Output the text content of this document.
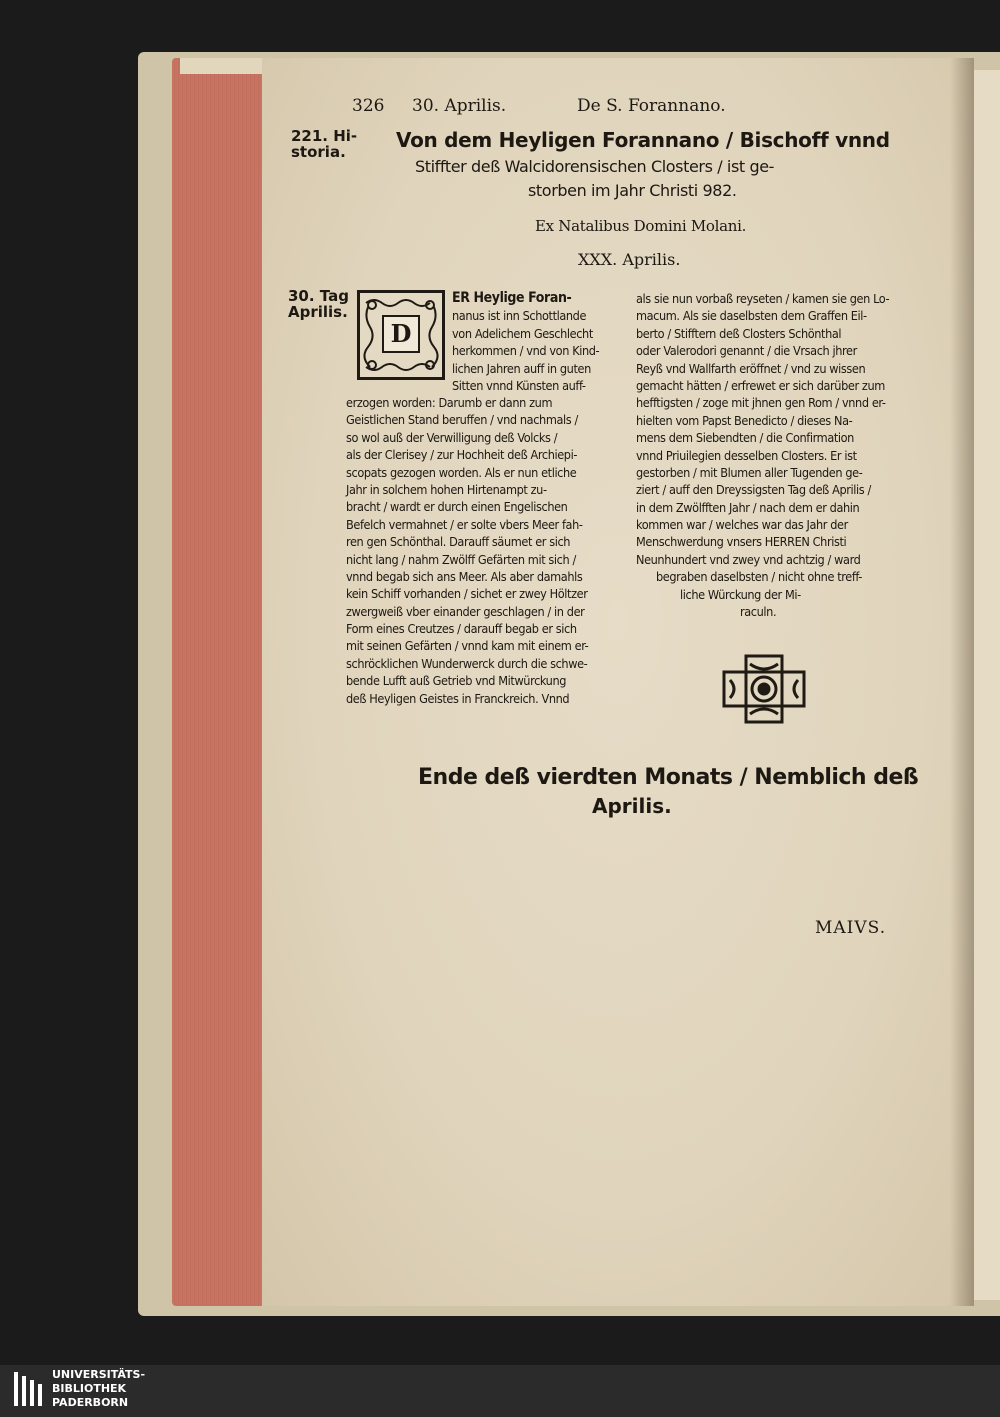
326 30. Aprilis.	De S. Forannano.
221. Hi-
storia.
30. Tag
Aprilis.
Von dem Heyligen Forannano / Bischoff vnnd
Stiffter deß Walcidorensischen Closters / ist ge-
storben im Jahr Christi 982.
Ex Natalibus Domini Molani.
XXX. Aprilis.
D
ER Heylige Foran-
nanus ist inn Schottlande
von Adelichem Geschlecht
herkommen / vnd von Kind-
lichen Jahren auff in guten
Sitten vnnd Künsten auff-
erzogen worden: Darumb er dann zum
Geistlichen Stand beruffen / vnd nachmals /
so wol auß der Verwilligung deß Volcks /
als der Clerisey / zur Hochheit deß Archiepi-
scopats gezogen worden. Als er nun etliche
Jahr in solchem hohen Hirtenampt zu-
bracht / wardt er durch einen Engelischen
Befelch vermahnet / er solte vbers Meer fah-
ren gen Schönthal. Darauff säumet er sich
nicht lang / nahm Zwölff Gefärten mit sich /
vnnd begab sich ans Meer. Als aber damahls
kein Schiff vorhanden / sichet er zwey Höltzer
zwergweiß vber einander geschlagen / in der
Form eines Creutzes / darauff begab er sich
mit seinen Gefärten / vnnd kam mit einem er-
schröcklichen Wunderwerck durch die schwe-
bende Lufft auß Getrieb vnd Mitwürckung
deß Heyligen Geistes in Franckreich. Vnnd
als sie nun vorbaß reyseten / kamen sie gen Lo-
macum. Als sie daselbsten dem Graffen Eil-
berto / Stifftern deß Closters Schönthal
oder Valerodori genannt / die Vrsach jhrer
Reyß vnd Wallfarth eröffnet / vnd zu wissen
gemacht hätten / erfrewet er sich darüber zum
hefftigsten / zoge mit jhnen gen Rom / vnnd er-
hielten vom Papst Benedicto / dieses Na-
mens dem Siebendten / die Confirmation
vnnd Priuilegien desselben Closters. Er ist
gestorben / mit Blumen aller Tugenden ge-
ziert / auff den Dreyssigsten Tag deß Aprilis /
in dem Zwölfften Jahr / nach dem er dahin
kommen war / welches war das Jahr der
Menschwerdung vnsers HERREN Christi
Neunhundert vnd zwey vnd achtzig / ward
begraben daselbsten / nicht ohne treff-
liche Würckung der Mi-
raculn.
Ende deß vierdten Monats / Nemblich deß
Aprilis.
MAIVS.
UNIVERSITÄTS-
BIBLIOTHEK
PADERBORN
